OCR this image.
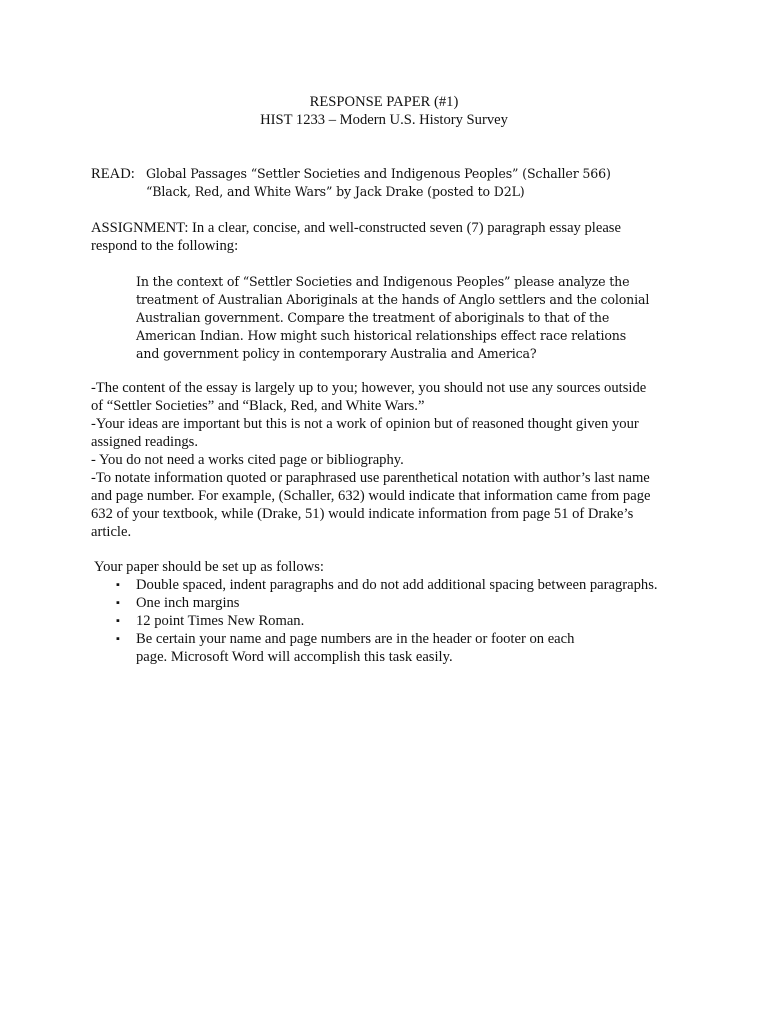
RESPONSE PAPER (#1)
HIST 1233 – Modern U.S. History Survey
READ: Global Passages “Settler Societies and Indigenous Peoples” (Schaller 566)
“Black, Red, and White Wars” by Jack Drake (posted to D2L)
ASSIGNMENT: In a clear, concise, and well-constructed seven (7) paragraph essay please
respond to the following:
In the context of “Settler Societies and Indigenous Peoples” please analyze the
treatment of Australian Aboriginals at the hands of Anglo settlers and the colonial
Australian government. Compare the treatment of aboriginals to that of the
American Indian. How might such historical relationships effect race relations
and government policy in contemporary Australia and America?
-The content of the essay is largely up to you; however, you should not use any sources outside
of “Settler Societies” and “Black, Red, and White Wars.”
-Your ideas are important but this is not a work of opinion but of reasoned thought given your
assigned readings.
- You do not need a works cited page or bibliography.
-To notate information quoted or paraphrased use parenthetical notation with author’s last name
and page number. For example, (Schaller, 632) would indicate that information came from page
632 of your textbook, while (Drake, 51) would indicate information from page 51 of Drake’s
article.
Your paper should be set up as follows:
▪ Double spaced, indent paragraphs and do not add additional spacing between paragraphs.
▪ One inch margins
▪ 12 point Times New Roman.
▪ Be certain your name and page numbers are in the header or footer on each
page. Microsoft Word will accomplish this task easily.
